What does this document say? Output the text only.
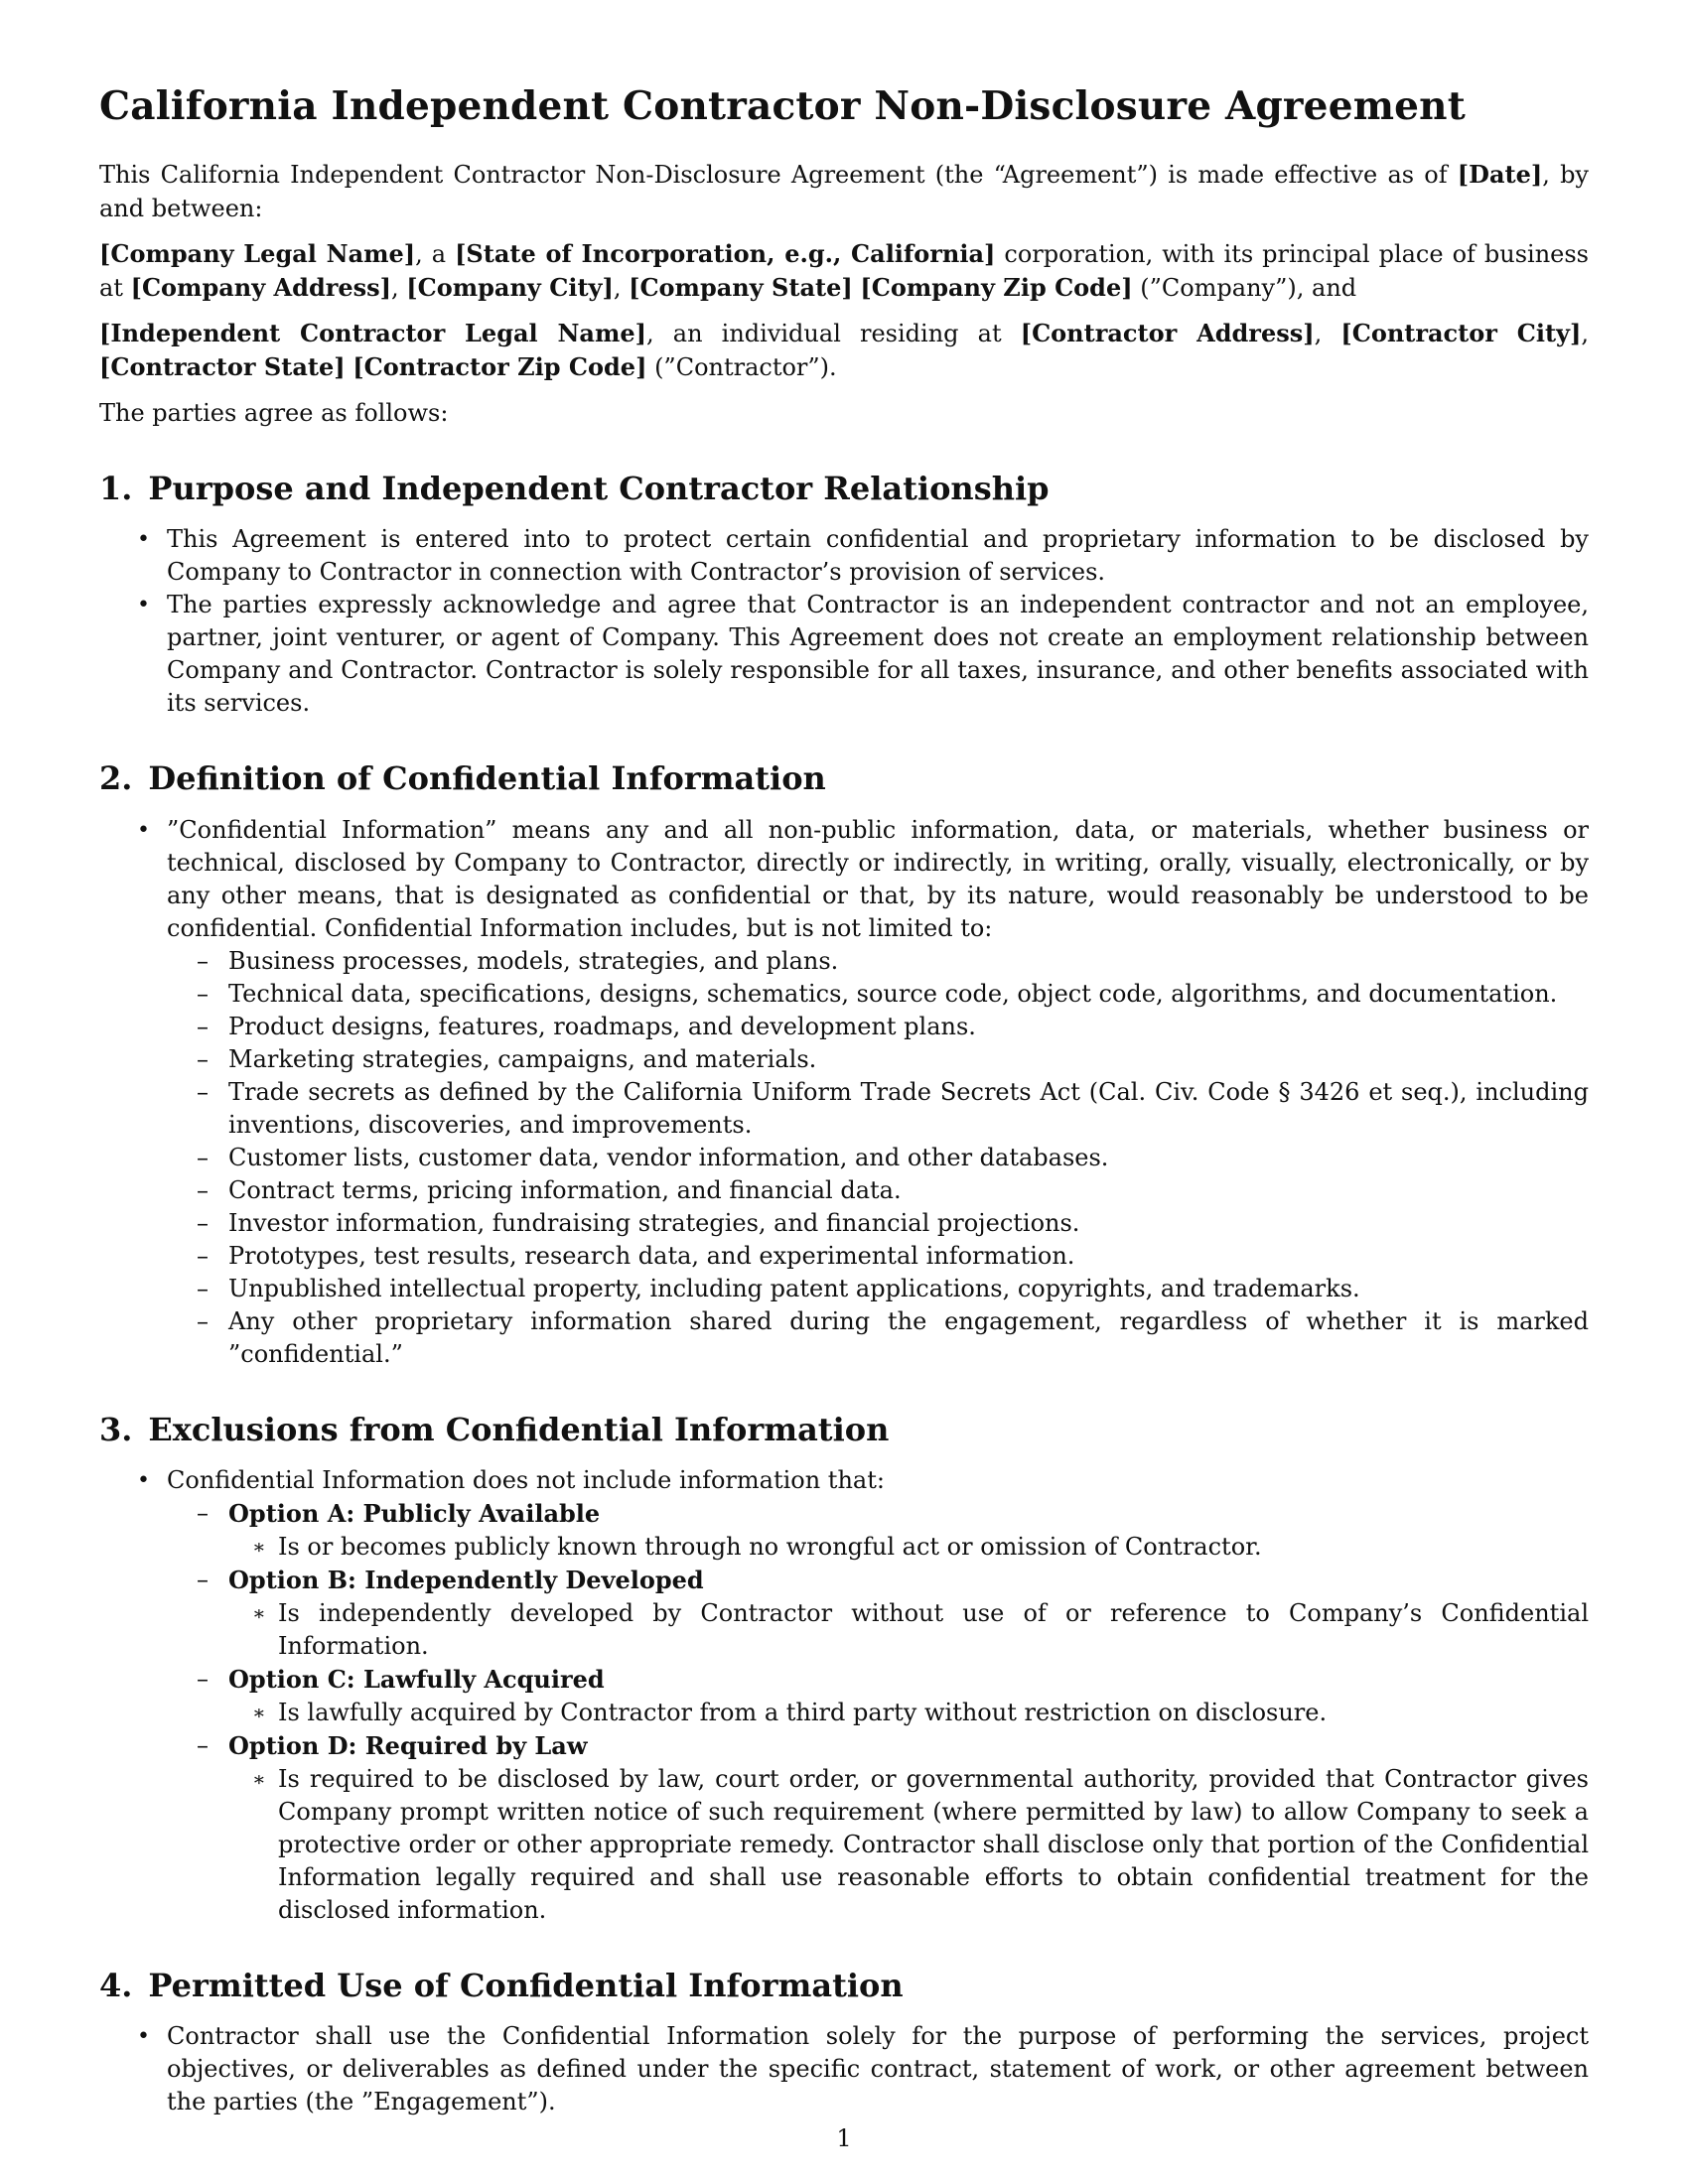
California Independent Contractor Non-Disclosure Agreement

This California Independent Contractor Non-Disclosure Agreement (the “Agreement”) is made effective as of [Date], by and between:

[Company Legal Name], a [State of Incorporation, e.g., California] corporation, with its principal place of business at [Company Address], [Company City], [Company State] [Company Zip Code] (”Company”), and

[Independent Contractor Legal Name], an individual residing at [Contractor Address], [Contractor City], [Contractor State] [Contractor Zip Code] (”Contractor”).

The parties agree as follows:

1. Purpose and Independent Contractor Relationship
• This Agreement is entered into to protect certain confidential and proprietary information to be disclosed by Company to Contractor in connection with Contractor’s provision of services.
• The parties expressly acknowledge and agree that Contractor is an independent contractor and not an employee, partner, joint venturer, or agent of Company. This Agreement does not create an employment relationship between Company and Contractor. Contractor is solely responsible for all taxes, insurance, and other benefits associated with its services.
2. Definition of Confidential Information
• ”Confidential Information” means any and all non-public information, data, or materials, whether business or technical, disclosed by Company to Contractor, directly or indirectly, in writing, orally, visually, electronically, or by any other means, that is designated as confidential or that, by its nature, would reasonably be understood to be confidential. Confidential Information includes, but is not limited to:
– Business processes, models, strategies, and plans.
– Technical data, specifications, designs, schematics, source code, object code, algorithms, and documentation.
– Product designs, features, roadmaps, and development plans.
– Marketing strategies, campaigns, and materials.
– Trade secrets as defined by the California Uniform Trade Secrets Act (Cal. Civ. Code § 3426 et seq.), including inventions, discoveries, and improvements.
– Customer lists, customer data, vendor information, and other databases.
– Contract terms, pricing information, and financial data.
– Investor information, fundraising strategies, and financial projections.
– Prototypes, test results, research data, and experimental information.
– Unpublished intellectual property, including patent applications, copyrights, and trademarks.
– Any other proprietary information shared during the engagement, regardless of whether it is marked ”confidential.”
3. Exclusions from Confidential Information
• Confidential Information does not include information that:
– Option A: Publicly Available
∗ Is or becomes publicly known through no wrongful act or omission of Contractor.
– Option B: Independently Developed
∗ Is independently developed by Contractor without use of or reference to Company’s Confidential Information.
– Option C: Lawfully Acquired
∗ Is lawfully acquired by Contractor from a third party without restriction on disclosure.
– Option D: Required by Law
∗ Is required to be disclosed by law, court order, or governmental authority, provided that Contractor gives Company prompt written notice of such requirement (where permitted by law) to allow Company to seek a protective order or other appropriate remedy. Contractor shall disclose only that portion of the Confidential Information legally required and shall use reasonable efforts to obtain confidential treatment for the disclosed information.
4. Permitted Use of Confidential Information
• Contractor shall use the Confidential Information solely for the purpose of performing the services, project objectives, or deliverables as defined under the specific contract, statement of work, or other agreement between the parties (the ”Engagement”).
1
